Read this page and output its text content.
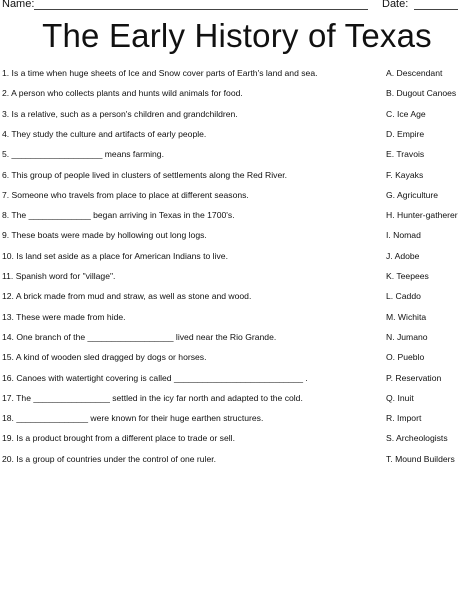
Name:	Date:
The Early History of Texas
1. Is a time when huge sheets of Ice and Snow cover parts of Earth's land and sea.	A. Descendant
2. A person who collects plants and hunts wild animals for food.	B. Dugout Canoes
3. Is a relative, such as a person's children and grandchildren.	C. Ice Age
4. They study the culture and artifacts of early people.	D. Empire
5. ___________________ means farming.	E. Travois
6. This group of people lived in clusters of settlements along the Red River.	F. Kayaks
7. Someone who travels from place to place at different seasons.	G. Agriculture
8. The _____________ began arriving in Texas in the 1700's.	H. Hunter-gatherer
9. These boats were made by hollowing out long logs.	I. Nomad
10. Is land set aside as a place for American Indians to live.	J. Adobe
11. Spanish word for "village".	K. Teepees
12. A brick made from mud and straw, as well as stone and wood.	L. Caddo
13. These were made from hide.	M. Wichita
14. One branch of the __________________ lived near the Rio Grande.	N. Jumano
15. A kind of wooden sled dragged by dogs or horses.	O. Pueblo
16. Canoes with watertight covering is called ___________________________ .	P. Reservation
17. The ________________ settled in the icy far north and adapted to the cold.	Q. Inuit
18. _______________ were known for their huge earthen structures.	R. Import
19. Is a product brought from a different place to trade or sell.	S. Archeologists
20. Is a group of countries under the control of one ruler.	T. Mound Builders
